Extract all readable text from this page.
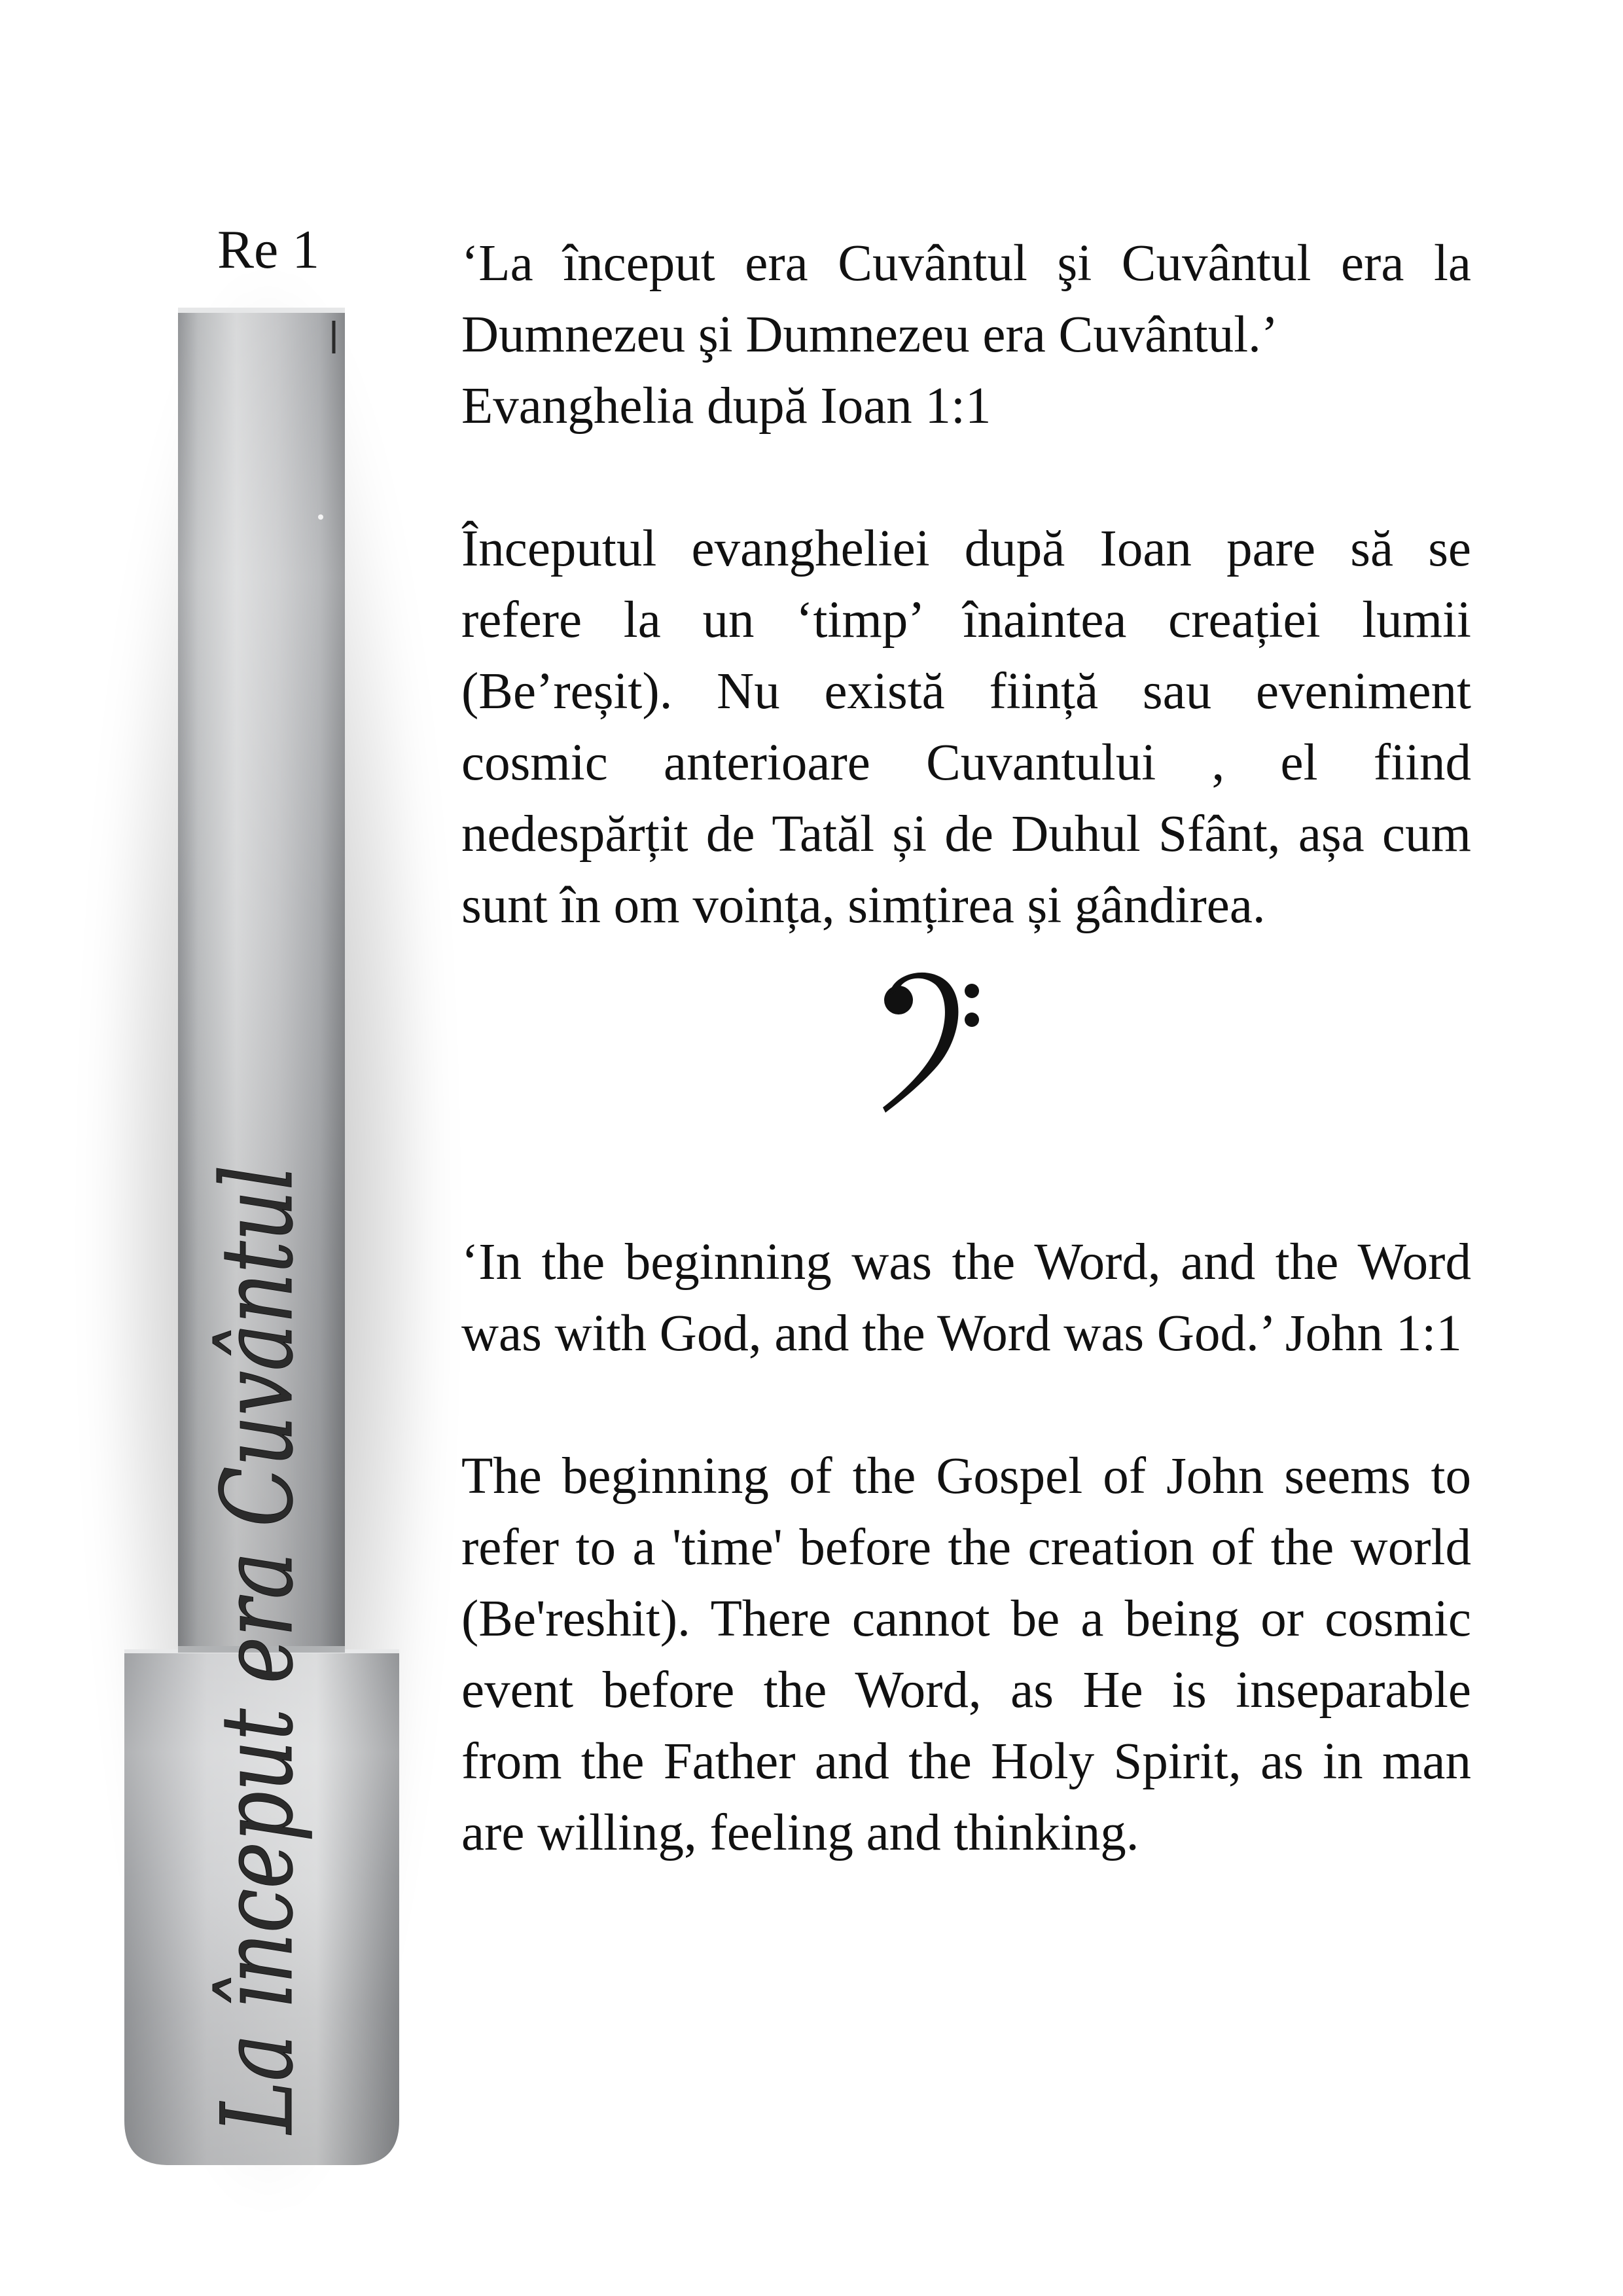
Re 1
La început era Cuvântul

‘La început era Cuvântul şi Cuvântul era la Dumnezeu şi Dumnezeu era Cuvântul.’

Evanghelia după Ioan 1:1

Începutul evangheliei după Ioan pare să se refere la un ‘timp’ înaintea creației lumii (Be’reșit). Nu există ființă sau eveniment cosmic anterioare Cuvantului , el fiind nedespărțit de Tatăl și de Duhul Sfânt, așa cum sunt în om voința, simțirea și gândirea.

‘In the beginning was the Word, and the Word was with God, and the Word was God.’ John 1:1

The beginning of the Gospel of John seems to refer to a 'time' before the creation of the world (Be'reshit). There cannot be a being or cosmic event before the Word, as He is inseparable from the Father and the Holy Spirit, as in man are willing, feeling and thinking.
